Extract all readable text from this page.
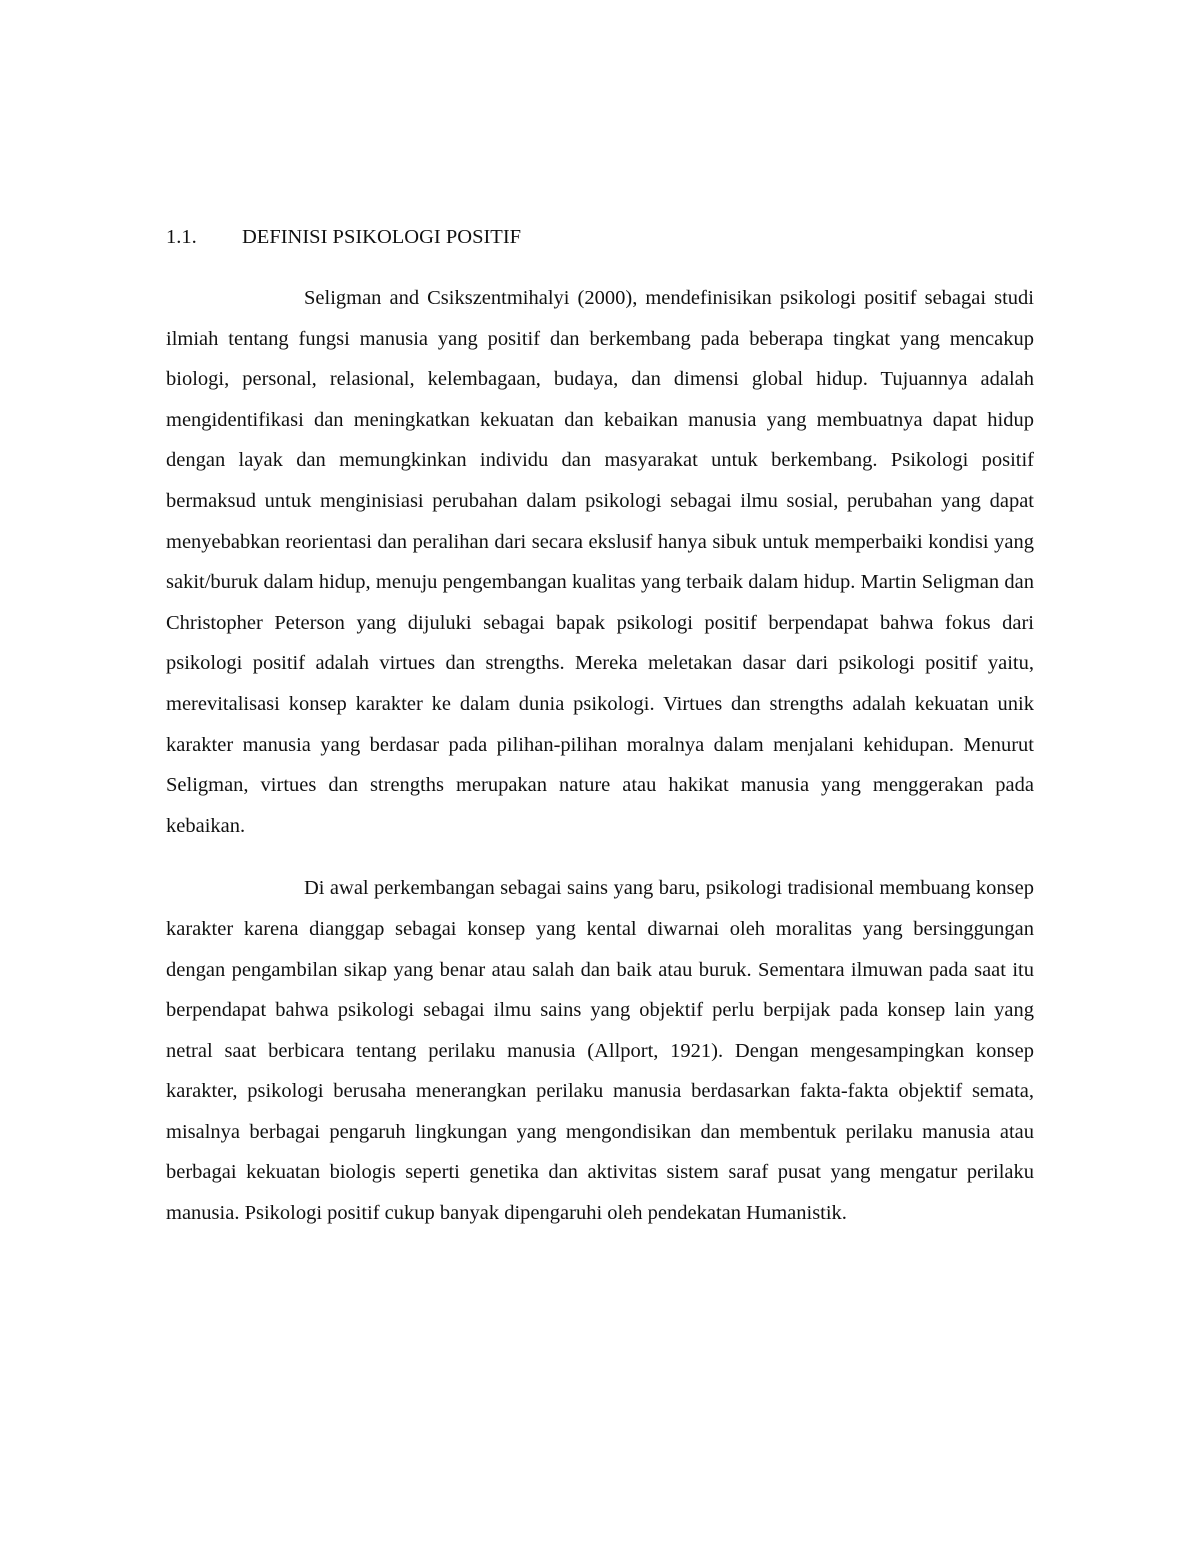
1.1. DEFINISI PSIKOLOGI POSITIF

Seligman and Csikszentmihalyi (2000), mendefinisikan psikologi positif sebagai studi ilmiah tentang fungsi manusia yang positif dan berkembang pada beberapa tingkat yang mencakup biologi, personal, relasional, kelembagaan, budaya, dan dimensi global hidup. Tujuannya adalah mengidentifikasi dan meningkatkan kekuatan dan kebaikan manusia yang membuatnya dapat hidup dengan layak dan memungkinkan individu dan masyarakat untuk berkembang. Psikologi positif bermaksud untuk menginisiasi perubahan dalam psikologi sebagai ilmu sosial, perubahan yang dapat menyebabkan reorientasi dan peralihan dari secara ekslusif hanya sibuk untuk memperbaiki kondisi yang sakit/buruk dalam hidup, menuju pengembangan kualitas yang terbaik dalam hidup. Martin Seligman dan Christopher Peterson yang dijuluki sebagai bapak psikologi positif berpendapat bahwa fokus dari psikologi positif adalah virtues dan strengths. Mereka meletakan dasar dari psikologi positif yaitu, merevitalisasi konsep karakter ke dalam dunia psikologi. Virtues dan strengths adalah kekuatan unik karakter manusia yang berdasar pada pilihan-pilihan moralnya dalam menjalani kehidupan. Menurut Seligman, virtues dan strengths merupakan nature atau hakikat manusia yang menggerakan pada kebaikan.

Di awal perkembangan sebagai sains yang baru, psikologi tradisional membuang konsep karakter karena dianggap sebagai konsep yang kental diwarnai oleh moralitas yang bersinggungan dengan pengambilan sikap yang benar atau salah dan baik atau buruk. Sementara ilmuwan pada saat itu berpendapat bahwa psikologi sebagai ilmu sains yang objektif perlu berpijak pada konsep lain yang netral saat berbicara tentang perilaku manusia (Allport, 1921). Dengan mengesampingkan konsep karakter, psikologi berusaha menerangkan perilaku manusia berdasarkan fakta-fakta objektif semata, misalnya berbagai pengaruh lingkungan yang mengondisikan dan membentuk perilaku manusia atau berbagai kekuatan biologis seperti genetika dan aktivitas sistem saraf pusat yang mengatur perilaku manusia. Psikologi positif cukup banyak dipengaruhi oleh pendekatan Humanistik.
